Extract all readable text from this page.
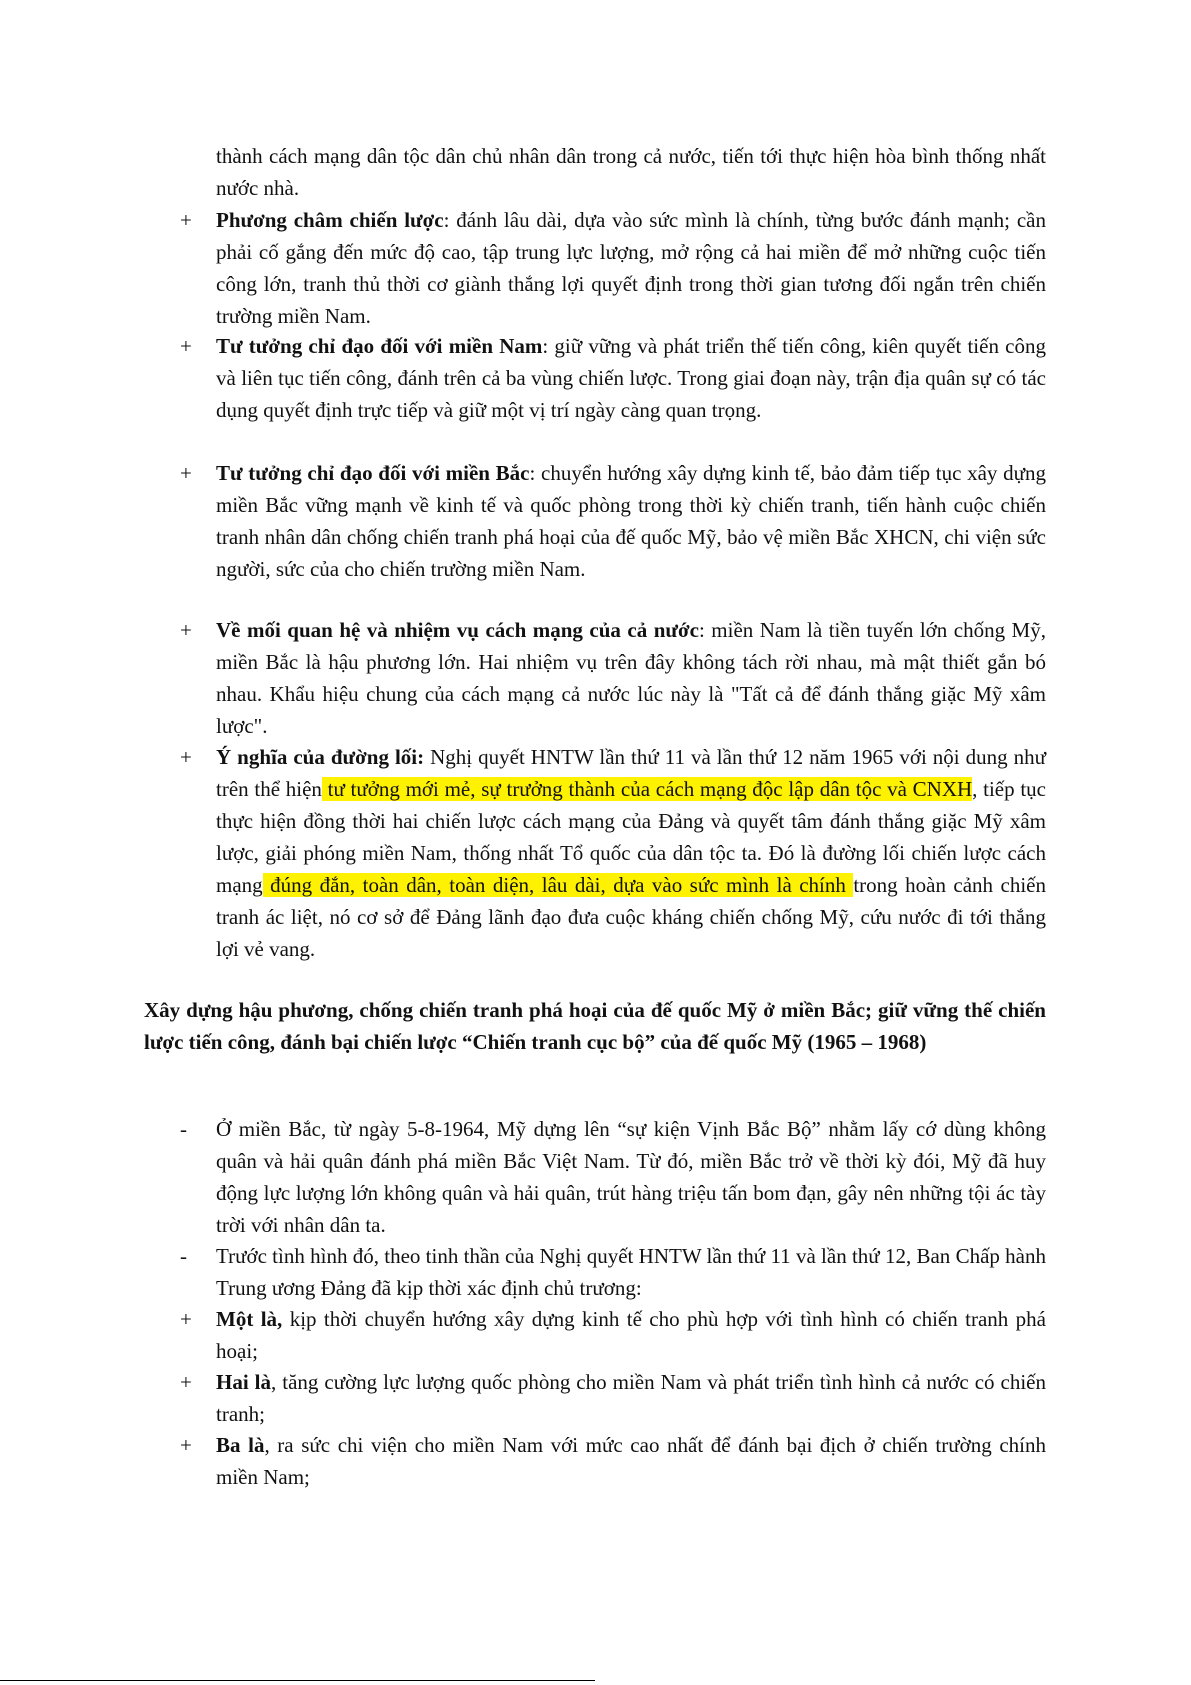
thành cách mạng dân tộc dân chủ nhân dân trong cả nước, tiến tới thực hiện hòa bình thống nhất nước nhà.
+	Phương châm chiến lược: đánh lâu dài, dựa vào sức mình là chính, từng bước đánh mạnh; cần phải cố gắng đến mức độ cao, tập trung lực lượng, mở rộng cả hai miền để mở những cuộc tiến công lớn, tranh thủ thời cơ giành thắng lợi quyết định trong thời gian tương đối ngắn trên chiến trường miền Nam.
+	Tư tưởng chỉ đạo đối với miền Nam: giữ vững và phát triển thế tiến công, kiên quyết tiến công và liên tục tiến công, đánh trên cả ba vùng chiến lược. Trong giai đoạn này, trận địa quân sự có tác dụng quyết định trực tiếp và giữ một vị trí ngày càng quan trọng.
+	Tư tưởng chỉ đạo đối với miền Bắc: chuyển hướng xây dựng kinh tế, bảo đảm tiếp tục xây dựng miền Bắc vững mạnh về kinh tế và quốc phòng trong thời kỳ chiến tranh, tiến hành cuộc chiến tranh nhân dân chống chiến tranh phá hoại của đế quốc Mỹ, bảo vệ miền Bắc XHCN, chi viện sức người, sức của cho chiến trường miền Nam.
+	Về mối quan hệ và nhiệm vụ cách mạng của cả nước: miền Nam là tiền tuyến lớn chống Mỹ, miền Bắc là hậu phương lớn. Hai nhiệm vụ trên đây không tách rời nhau, mà mật thiết gắn bó nhau. Khẩu hiệu chung của cách mạng cả nước lúc này là "Tất cả để đánh thắng giặc Mỹ xâm lược".
+	Ý nghĩa của đường lối: Nghị quyết HNTW lần thứ 11 và lần thứ 12 năm 1965 với nội dung như trên thể hiện tư tưởng mới mẻ, sự trưởng thành của cách mạng độc lập dân tộc và CNXH, tiếp tục thực hiện đồng thời hai chiến lược cách mạng của Đảng và quyết tâm đánh thắng giặc Mỹ xâm lược, giải phóng miền Nam, thống nhất Tổ quốc của dân tộc ta. Đó là đường lối chiến lược cách mạng đúng đắn, toàn dân, toàn diện, lâu dài, dựa vào sức mình là chính trong hoàn cảnh chiến tranh ác liệt, nó cơ sở để Đảng lãnh đạo đưa cuộc kháng chiến chống Mỹ, cứu nước đi tới thắng lợi vẻ vang.
Xây dựng hậu phương, chống chiến tranh phá hoại của đế quốc Mỹ ở miền Bắc; giữ vững thế chiến lược tiến công, đánh bại chiến lược “Chiến tranh cục bộ” của đế quốc Mỹ (1965 – 1968)
-	Ở miền Bắc, từ ngày 5-8-1964, Mỹ dựng lên “sự kiện Vịnh Bắc Bộ” nhằm lấy cớ dùng không quân và hải quân đánh phá miền Bắc Việt Nam. Từ đó, miền Bắc trở về thời kỳ đói, Mỹ đã huy động lực lượng lớn không quân và hải quân, trút hàng triệu tấn bom đạn, gây nên những tội ác tày trời với nhân dân ta.
-	Trước tình hình đó, theo tinh thần của Nghị quyết HNTW lần thứ 11 và lần thứ 12, Ban Chấp hành Trung ương Đảng đã kịp thời xác định chủ trương:
+	Một là, kịp thời chuyển hướng xây dựng kinh tế cho phù hợp với tình hình có chiến tranh phá hoại;
+	Hai là, tăng cường lực lượng quốc phòng cho miền Nam và phát triển tình hình cả nước có chiến tranh;
+	Ba là, ra sức chi viện cho miền Nam với mức cao nhất để đánh bại địch ở chiến trường chính miền Nam;
